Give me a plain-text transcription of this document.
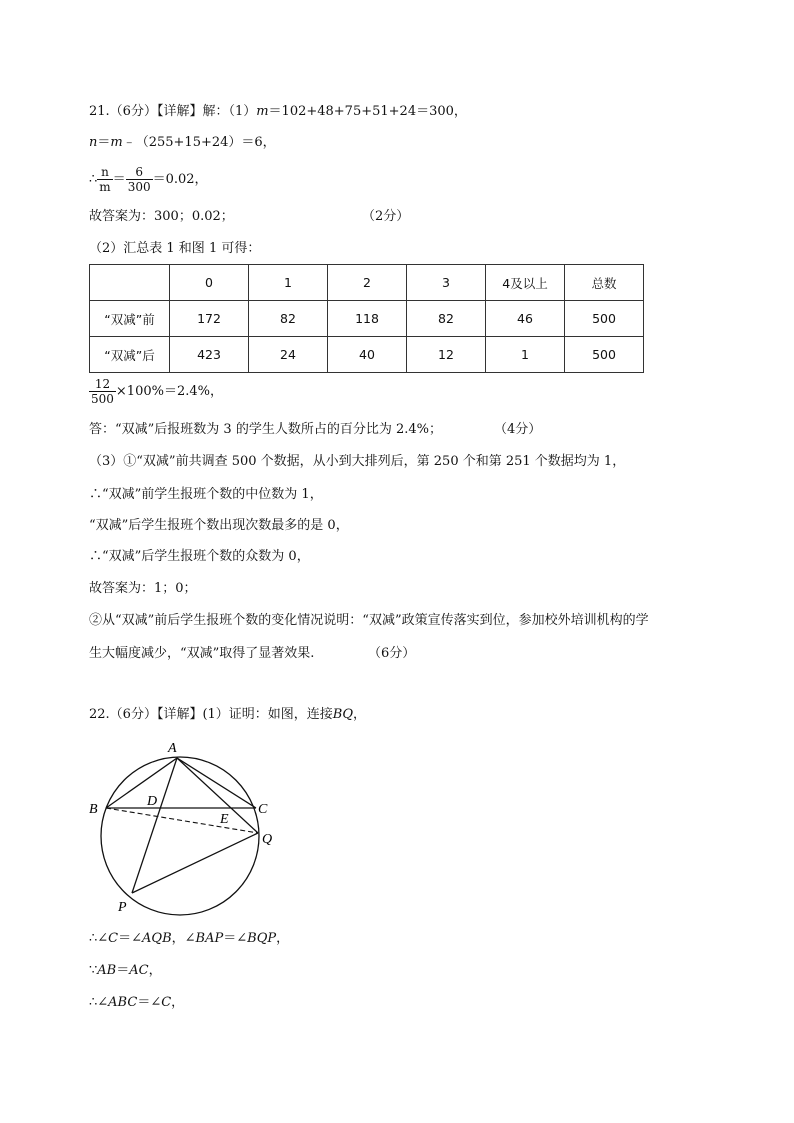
21.（6分）【详解】解：（1）m＝102+48+75+51+24＝300，
n＝m﹣（255+15+24）＝6，
∴ $\frac{n}{m} = \frac{6}{300} =0.02$，
故答案为：300；0.02；	（2分）
（2）汇总表 1 和图 1 可得：
	0	1	2	3	4及以上	总数
“双减”前	172	82	118	82	46	500
“双减”后	423	24	40	12	1	500
$\frac{12}{500} \times 100\%=2.4\%$，
答：“双减”后报班数为 3 的学生人数所占的百分比为 2.4%；	（4分）
（3）①“双减”前共调查 500 个数据，从小到大排列后，第 250 个和第 251 个数据均为 1，
∴“双减”前学生报班个数的中位数为 1，
“双减”后学生报班个数出现次数最多的是 0，
∴“双减”后学生报班个数的众数为 0，
故答案为：1；0；
②从“双减”前后学生报班个数的变化情况说明：“双减”政策宣传落实到位，参加校外培训机构的学
生大幅度减少，“双减”取得了显著效果.	（6分）
22.（6分）【详解】(1）证明：如图，连接BQ，
A
B	C
D
E
Q
P
∴∠C＝∠AQB，∠BAP＝∠BQP，
∵AB＝AC，
∴∠ABC＝∠C，
